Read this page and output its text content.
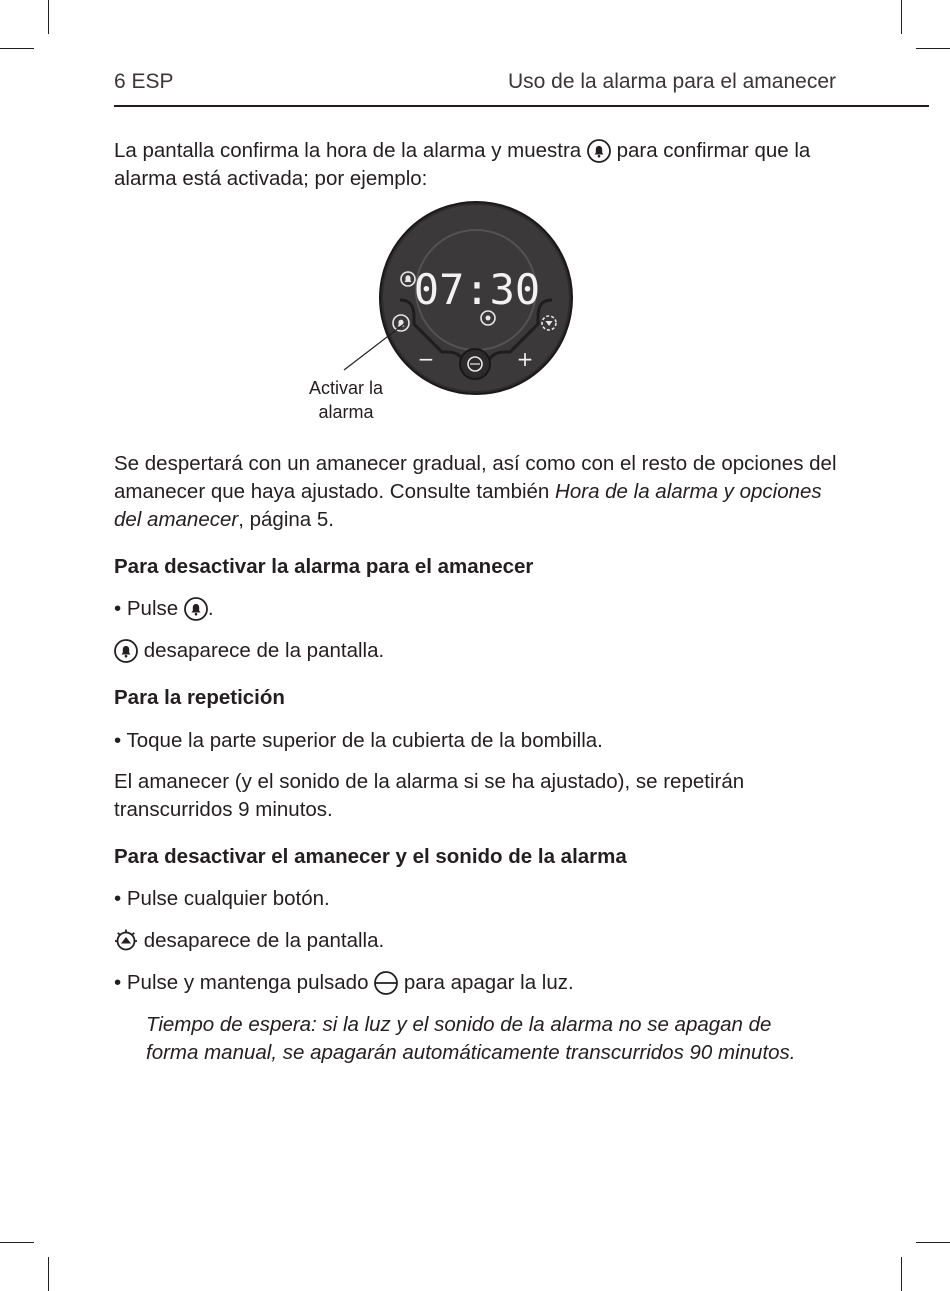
6 ESP	Uso de la alarma para el amanecer

La pantalla confirma la hora de la alarma y muestra
para confirmar que la alarma está activada; por ejemplo:

07:30
−	+
Activar la
alarma

Se despertará con un amanecer gradual, así como con el resto de opciones del amanecer que haya ajustado. Consulte también Hora de la alarma y opciones del amanecer, página 5.

Para desactivar la alarma para el amanecer

• Pulse
.

desaparece de la pantalla.

Para la repetición

• Toque la parte superior de la cubierta de la bombilla.

El amanecer (y el sonido de la alarma si se ha ajustado), se repetirán transcurridos 9 minutos.

Para desactivar el amanecer y el sonido de la alarma

• Pulse cualquier botón.

desaparece de la pantalla.

• Pulse y mantenga pulsado
para apagar la luz.

Tiempo de espera: si la luz y el sonido de la alarma no se apagan de forma manual, se apagarán automáticamente transcurridos 90 minutos.
